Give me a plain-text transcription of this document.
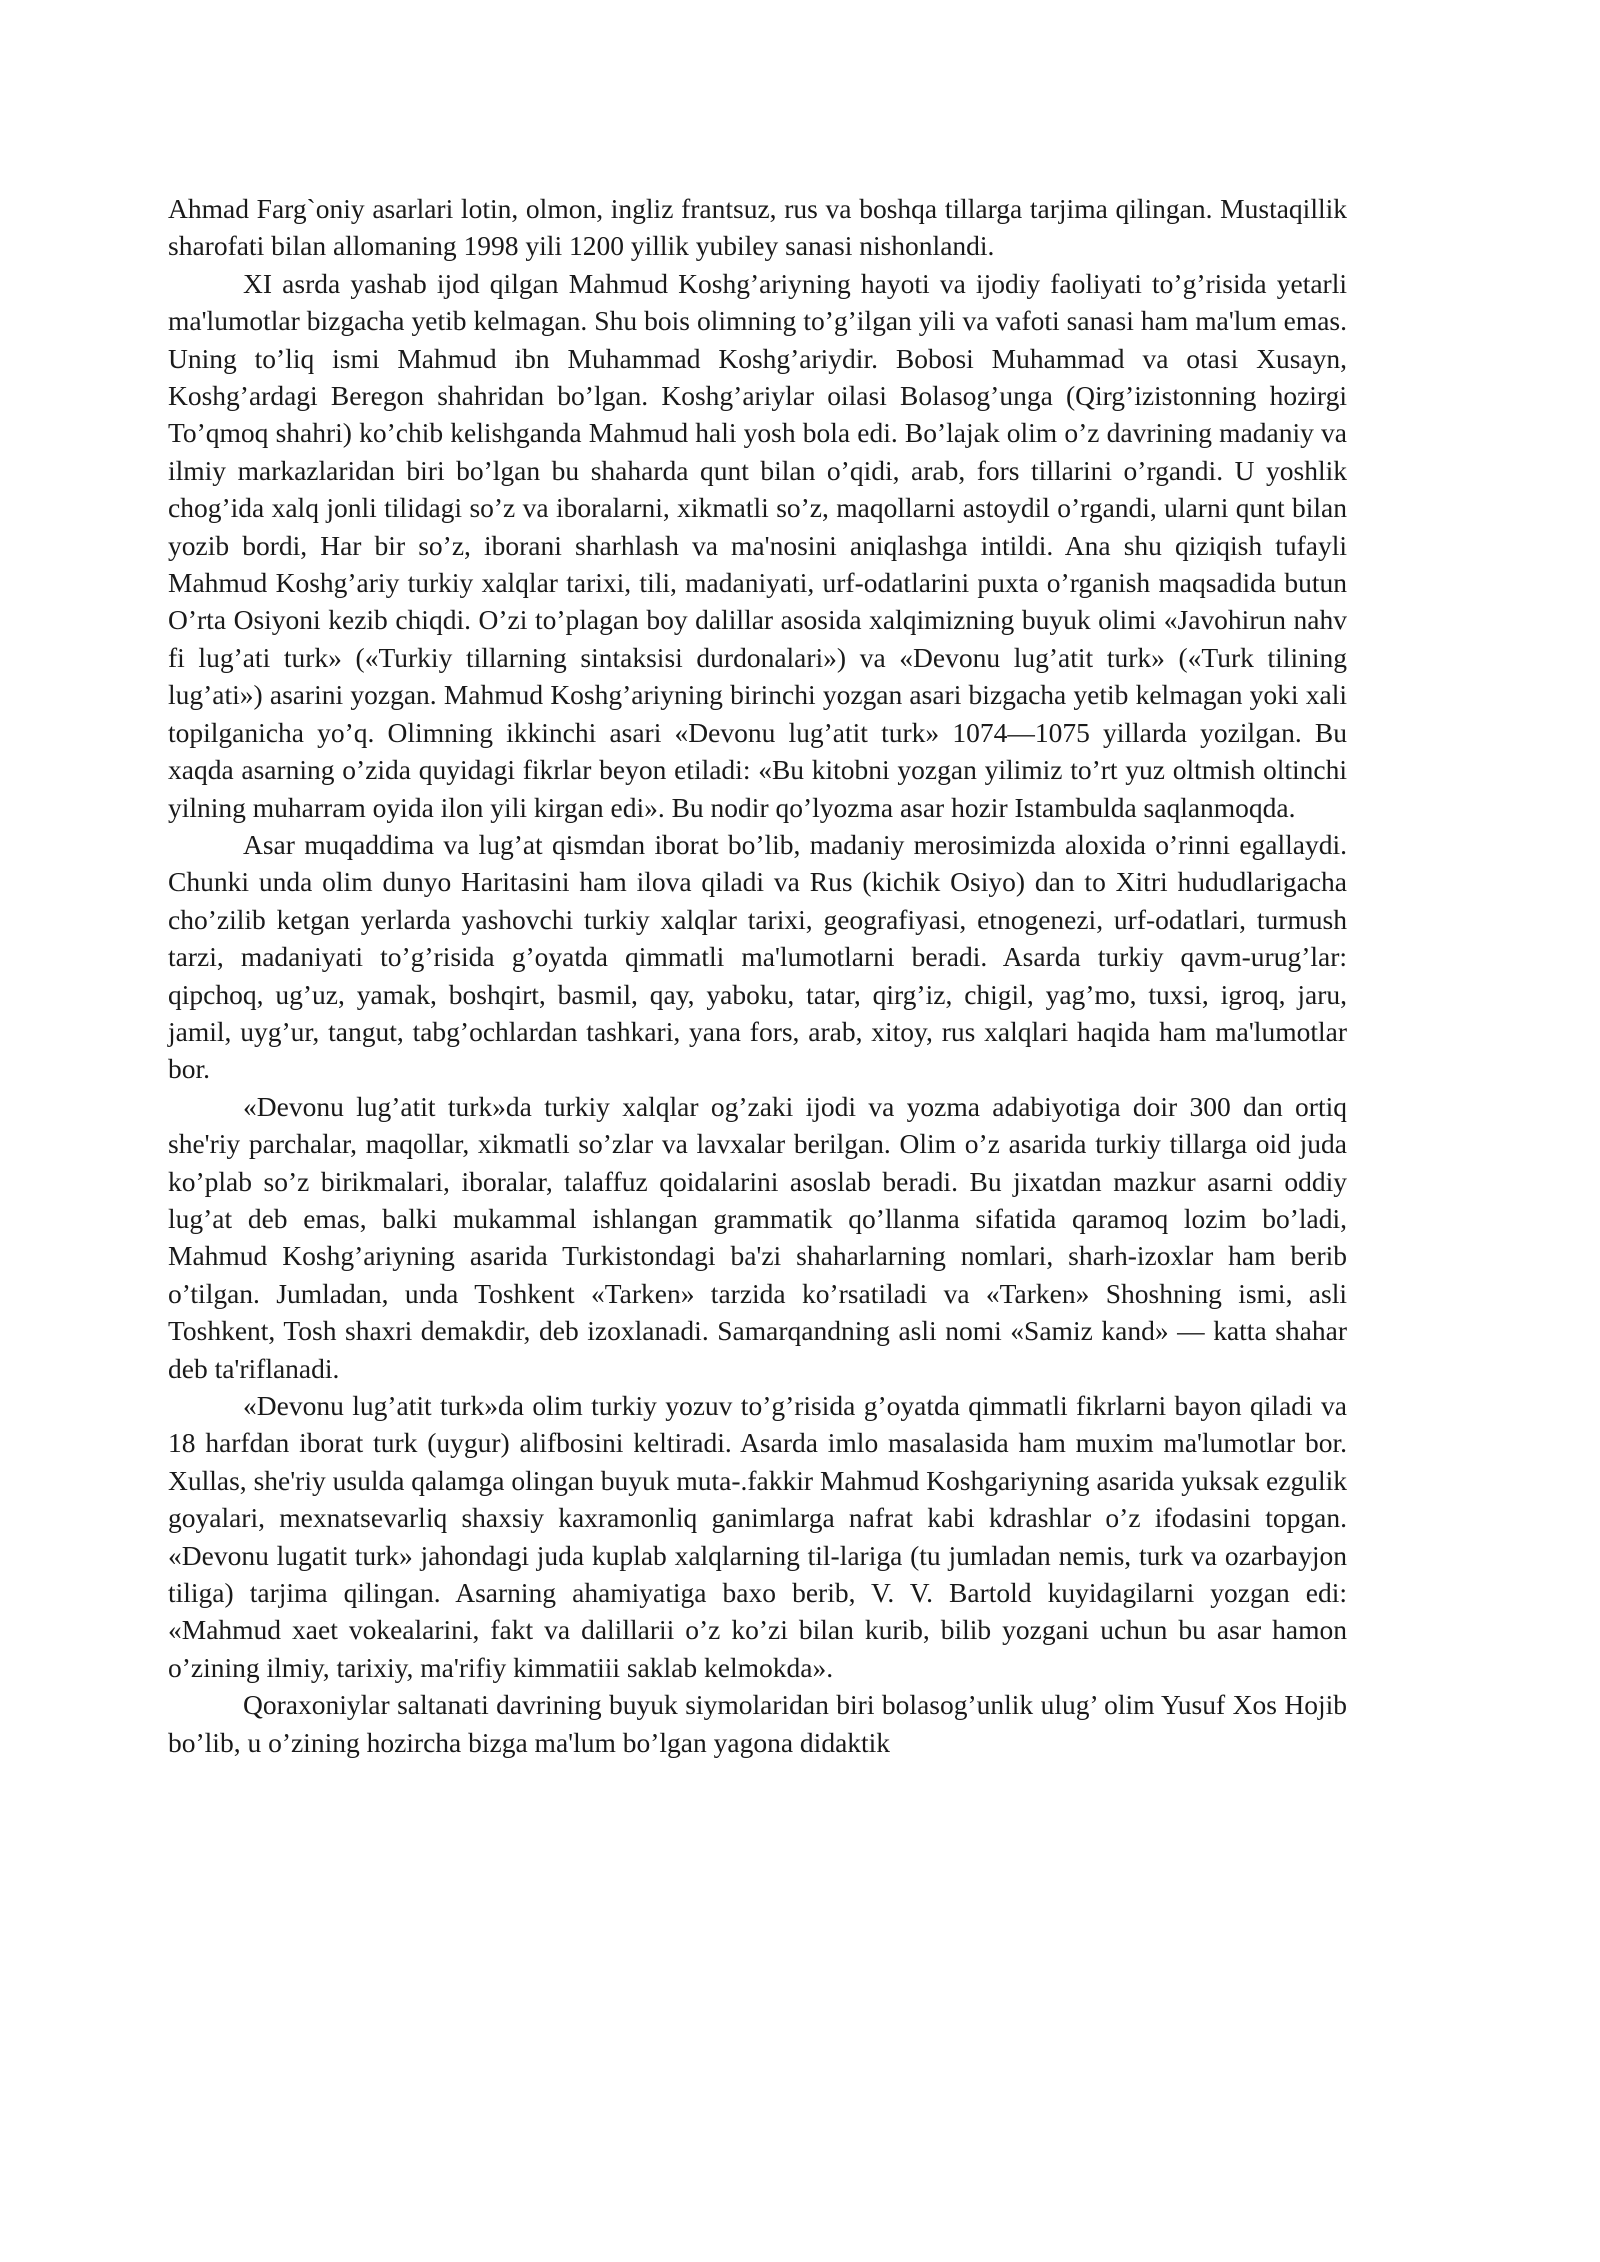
Ahmad Farg`oniy asarlari lotin, olmon, ingliz frantsuz, rus va boshqa tillarga tarjima qilingan. Mustaqillik sharofati bilan allomaning 1998 yili 1200 yillik yubiley sanasi nishonlandi.

XI asrda yashab ijod qilgan Mahmud Koshg’ariyning hayoti va ijodiy faoliyati to’g’risida yetarli ma'lumotlar bizgacha yetib kelmagan. Shu bois olimning to’g’ilgan yili va vafoti sanasi ham ma'lum emas. Uning to’liq ismi Mahmud ibn Muhammad Koshg’ariydir. Bobosi Muhammad va otasi Xusayn, Koshg’ardagi Beregon shahridan bo’lgan. Koshg’ariylar oilasi Bolasog’unga (Qirg’izistonning hozirgi To’qmoq shahri) ko’chib kelishganda Mahmud hali yosh bola edi. Bo’lajak olim o’z davrining madaniy va ilmiy markazlaridan biri bo’lgan bu shaharda qunt bilan o’qidi, arab, fors tillarini o’rgandi. U yoshlik chog’ida xalq jonli tilidagi so’z va iboralarni, xikmatli so’z, maqollarni astoydil o’rgandi, ularni qunt bilan yozib bordi, Har bir so’z, iborani sharhlash va ma'nosini aniqlashga intildi. Ana shu qiziqish tufayli Mahmud Koshg’ariy turkiy xalqlar tarixi, tili, madaniyati, urf-odatlarini puxta o’rganish maqsadida butun O’rta Osiyoni kezib chiqdi. O’zi to’plagan boy dalillar asosida xalqimizning buyuk olimi «Javohirun nahv fi lug’ati turk» («Turkiy tillarning sintaksisi durdonalari») va «Devonu lug’atit turk» («Turk tilining lug’ati») asarini yozgan. Mahmud Koshg’ariyning birinchi yozgan asari bizgacha yetib kelmagan yoki xali topilganicha yo’q. Olimning ikkinchi asari «Devonu lug’atit turk» 1074—1075 yillarda yozilgan. Bu xaqda asarning o’zida quyidagi fikrlar beyon etiladi: «Bu kitobni yozgan yilimiz to’rt yuz oltmish oltinchi yilning muharram oyida ilon yili kirgan edi». Bu nodir qo’lyozma asar hozir Istambulda saqlanmoqda.

Asar muqaddima va lug’at qismdan iborat bo’lib, madaniy merosimizda aloxida o’rinni egallaydi. Chunki unda olim dunyo Haritasini ham ilova qiladi va Rus (kichik Osiyo) dan to Xitri hududlarigacha cho’zilib ketgan yerlarda yashovchi turkiy xalqlar tarixi, geografiyasi, etnogenezi, urf-odatlari, turmush tarzi, madaniyati to’g’risida g’oyatda qimmatli ma'lumotlarni beradi. Asarda turkiy qavm-urug’lar: qipchoq, ug’uz, yamak, boshqirt, basmil, qay, yaboku, tatar, qirg’iz, chigil, yag’mo, tuxsi, igroq, jaru, jamil, uyg’ur, tangut, tabg’ochlardan tashkari, yana fors, arab, xitoy, rus xalqlari haqida ham ma'lumotlar bor.

«Devonu lug’atit turk»da turkiy xalqlar og’zaki ijodi va yozma adabiyotiga doir 300 dan ortiq she'riy parchalar, maqollar, xikmatli so’zlar va lavxalar berilgan. Olim o’z asarida turkiy tillarga oid juda ko’plab so’z birikmalari, iboralar, talaffuz qoidalarini asoslab beradi. Bu jixatdan mazkur asarni oddiy lug’at deb emas, balki mukammal ishlangan grammatik qo’llanma sifatida qaramoq lozim bo’ladi, Mahmud Koshg’ariyning asarida Turkistondagi ba'zi shaharlarning nomlari, sharh-izoxlar ham berib o’tilgan. Jumladan, unda Toshkent «Tarken» tarzida ko’rsatiladi va «Tarken» Shoshning ismi, asli Toshkent, Tosh shaxri demakdir, deb izoxlanadi. Samarqandning asli nomi «Samiz kand» — katta shahar deb ta'riflanadi.

«Devonu lug’atit turk»da olim turkiy yozuv to’g’risida g’oyatda qimmatli fikrlarni bayon qiladi va 18 harfdan iborat turk (uygur) alifbosini keltiradi. Asarda imlo masalasida ham muxim ma'lumotlar bor. Xullas, she'riy usulda qalamga olingan buyuk muta-.fakkir Mahmud Koshgariyning asarida yuksak ezgulik goyalari, mexnatsevarliq shaxsiy kaxramonliq ganimlarga nafrat kabi kdrashlar o’z ifodasini topgan. «Devonu lugatit turk» jahondagi juda kuplab xalqlarning til-lariga (tu jumladan nemis, turk va ozarbayjon tiliga) tarjima qilingan. Asarning ahamiyatiga baxo berib, V. V. Bartold kuyidagilarni yozgan edi: «Mahmud xaet vokealarini, fakt va dalillarii o’z ko’zi bilan kurib, bilib yozgani uchun bu asar hamon o’zining ilmiy, tarixiy, ma'rifiy kimmatiii saklab kelmokda».

Qoraxoniylar saltanati davrining buyuk siymolaridan biri bolasog’unlik ulug’ olim Yusuf Xos Hojib bo’lib, u o’zining hozircha bizga ma'lum bo’lgan yagona didaktik
